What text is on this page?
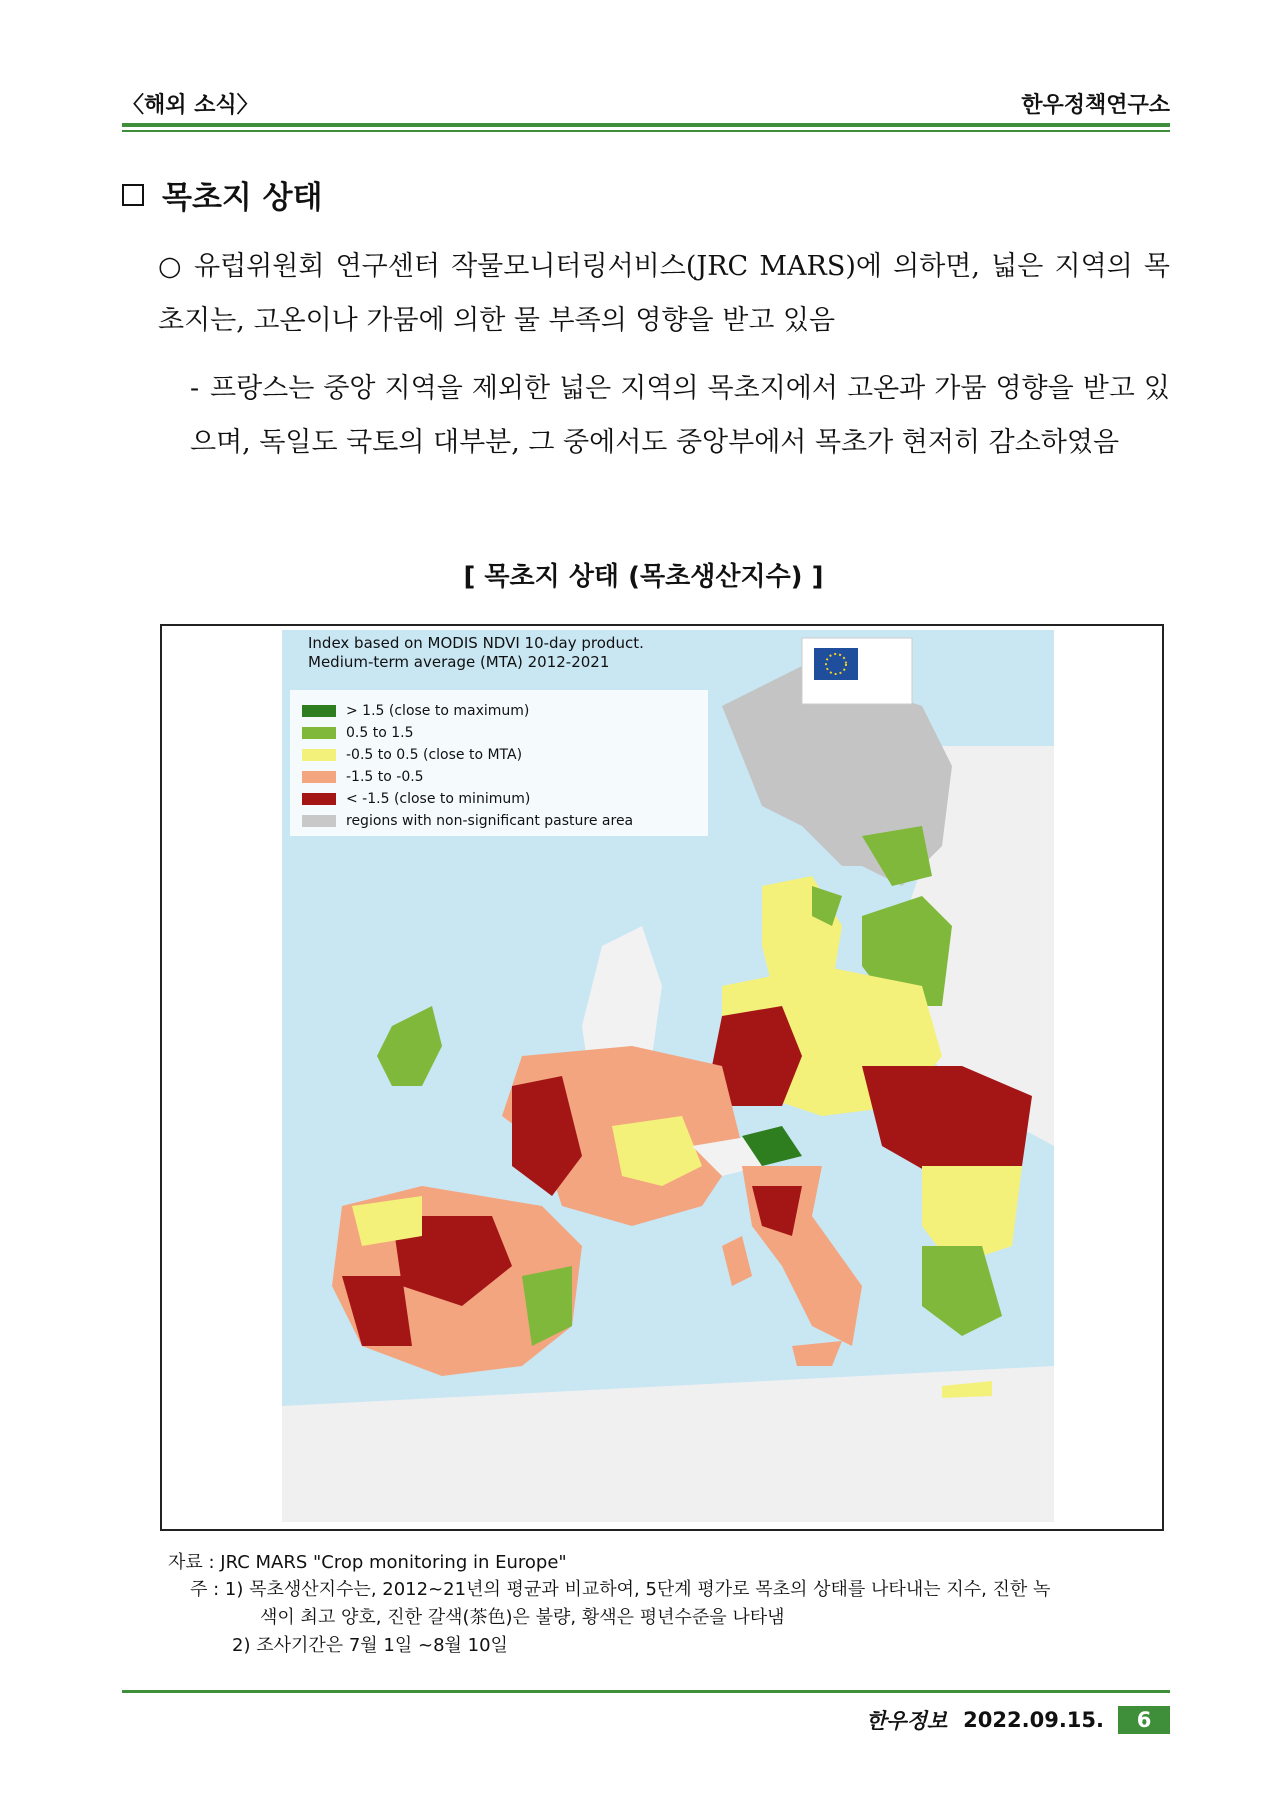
〈해외 소식〉	한우정책연구소
목초지 상태
○ 유럽위원회 연구센터 작물모니터링서비스(JRC MARS)에 의하면, 넓은 지역의 목초지는, 고온이나 가뭄에 의한 물 부족의 영향을 받고 있음
- 프랑스는 중앙 지역을 제외한 넓은 지역의 목초지에서 고온과 가뭄 영향을 받고 있으며, 독일도 국토의 대부분, 그 중에서도 중앙부에서 목초가 현저히 감소하였음
[ 목초지 상태 (목초생산지수) ]
Index based on MODIS NDVI 10-day product.
Medium-term average (MTA) 2012-2021
> 1.5 (close to maximum)
0.5 to 1.5
-0.5 to 0.5 (close to MTA)
-1.5 to -0.5
< -1.5 (close to minimum)
regions with non-significant pasture area
자료 : JRC MARS "Crop monitoring in Europe"
주 : 1) 목초생산지수는, 2012~21년의 평균과 비교하여, 5단계 평가로 목초의 상태를 나타내는 지수, 진한 녹
색이 최고 양호, 진한 갈색(茶色)은 불량, 황색은 평년수준을 나타냄
2) 조사기간은 7월 1일 ~8월 10일
한우정보 2022.09.15.	6
